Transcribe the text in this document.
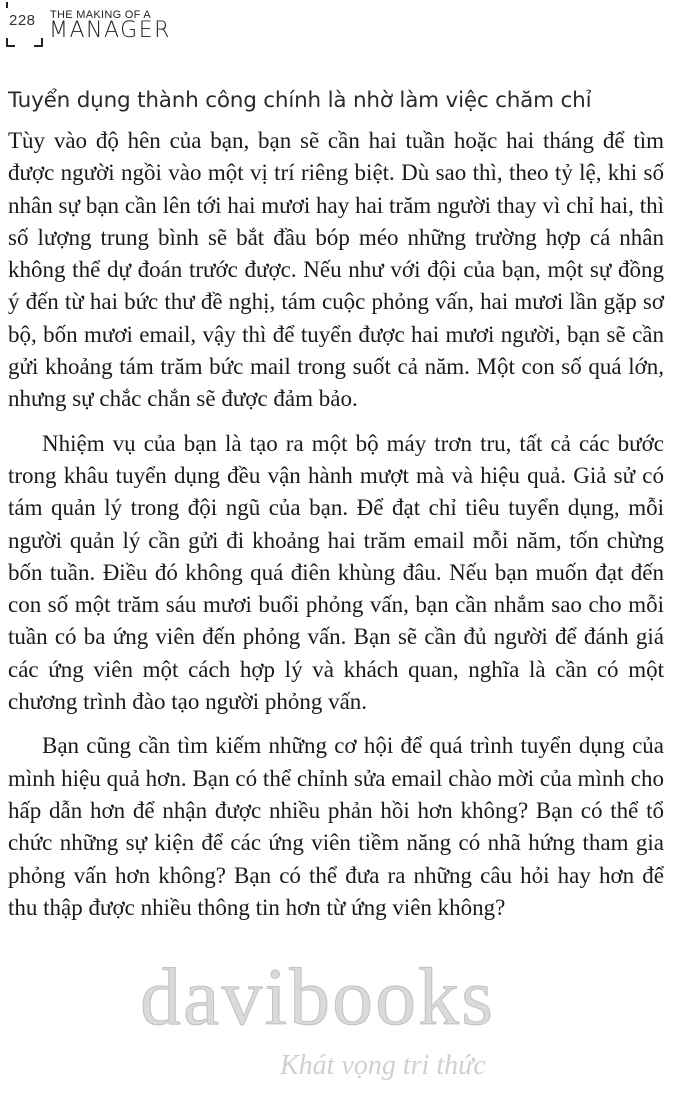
228 THE MAKING OF A
MANAGER
Tuyển dụng thành công chính là nhờ làm việc chăm chỉ

Tùy vào độ hên của bạn, bạn sẽ cần hai tuần hoặc hai tháng để tìm được người ngồi vào một vị trí riêng biệt. Dù sao thì, theo tỷ lệ, khi số nhân sự bạn cần lên tới hai mươi hay hai trăm người thay vì chỉ hai, thì số lượng trung bình sẽ bắt đầu bóp méo những trường hợp cá nhân không thể dự đoán trước được. Nếu như với đội của bạn, một sự đồng ý đến từ hai bức thư đề nghị, tám cuộc phỏng vấn, hai mươi lần gặp sơ bộ, bốn mươi email, vậy thì để tuyển được hai mươi người, bạn sẽ cần gửi khoảng tám trăm bức mail trong suốt cả năm. Một con số quá lớn, nhưng sự chắc chắn sẽ được đảm bảo.

Nhiệm vụ của bạn là tạo ra một bộ máy trơn tru, tất cả các bước trong khâu tuyển dụng đều vận hành mượt mà và hiệu quả. Giả sử có tám quản lý trong đội ngũ của bạn. Để đạt chỉ tiêu tuyển dụng, mỗi người quản lý cần gửi đi khoảng hai trăm email mỗi năm, tốn chừng bốn tuần. Điều đó không quá điên khùng đâu. Nếu bạn muốn đạt đến con số một trăm sáu mươi buổi phỏng vấn, bạn cần nhắm sao cho mỗi tuần có ba ứng viên đến phỏng vấn. Bạn sẽ cần đủ người để đánh giá các ứng viên một cách hợp lý và khách quan, nghĩa là cần có một chương trình đào tạo người phỏng vấn.

Bạn cũng cần tìm kiếm những cơ hội để quá trình tuyển dụng của mình hiệu quả hơn. Bạn có thể chỉnh sửa email chào mời của mình cho hấp dẫn hơn để nhận được nhiều phản hồi hơn không? Bạn có thể tổ chức những sự kiện để các ứng viên tiềm năng có nhã hứng tham gia phỏng vấn hơn không? Bạn có thể đưa ra những câu hỏi hay hơn để thu thập được nhiều thông tin hơn từ ứng viên không?

davibooks
Khát vọng tri thức
